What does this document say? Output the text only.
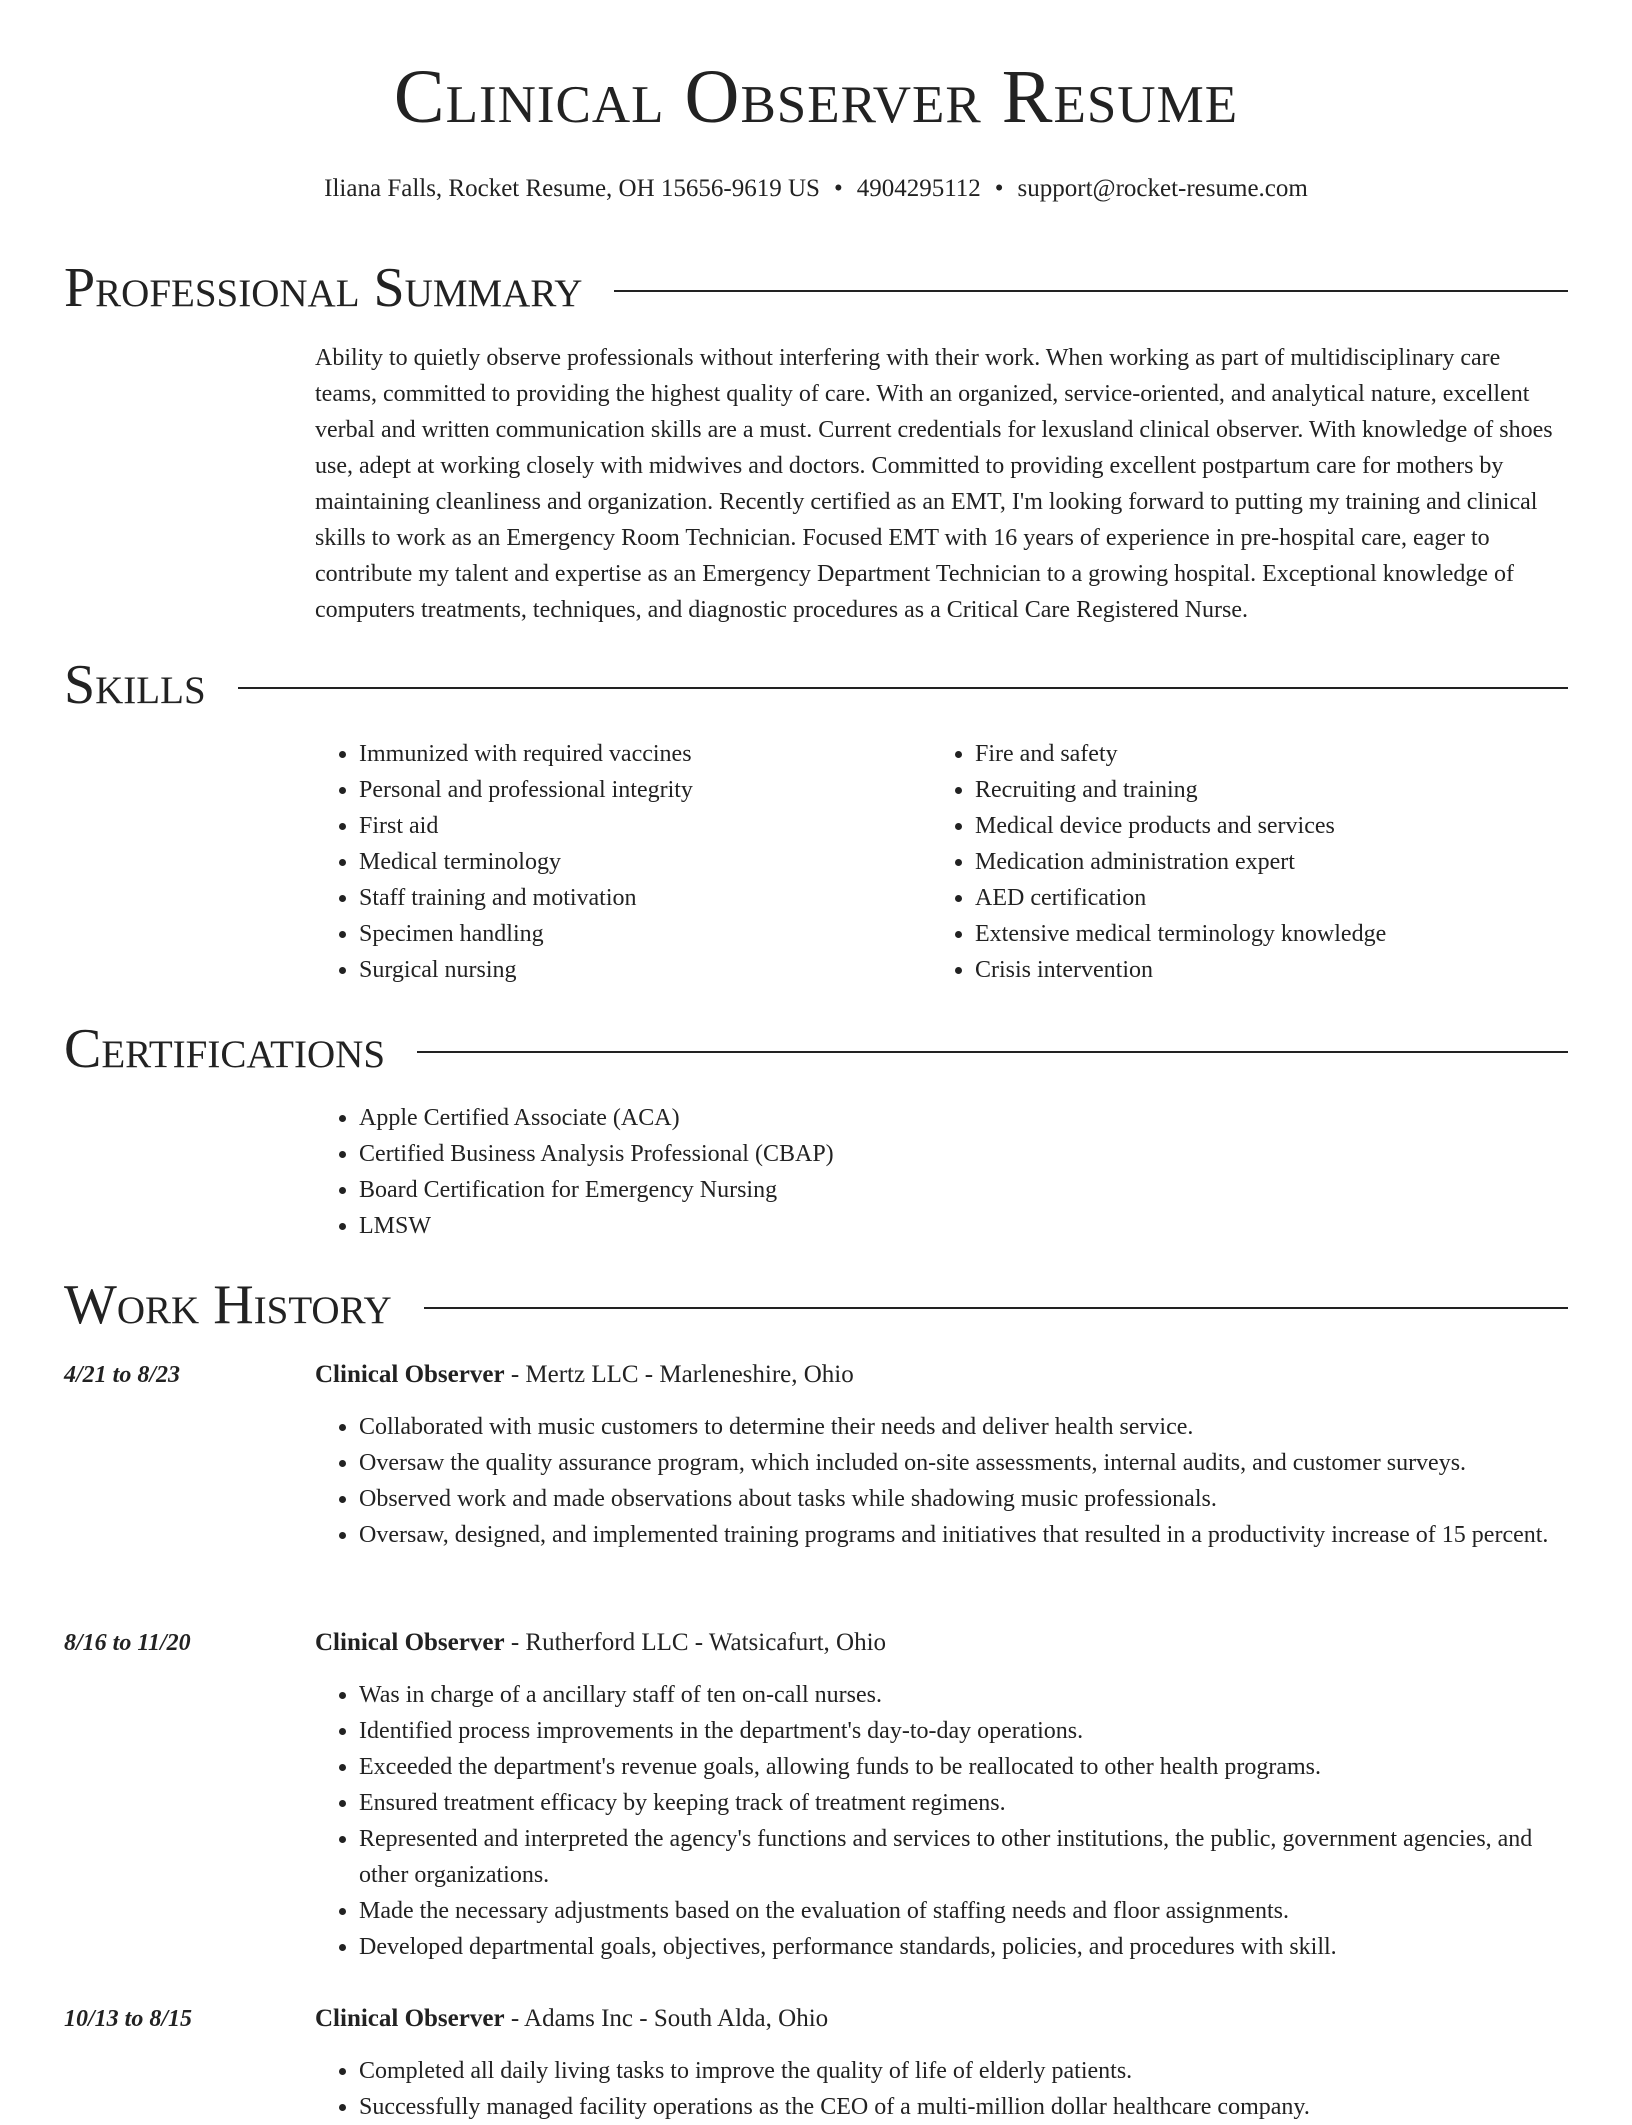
Clinical Observer Resume
Iliana Falls, Rocket Resume, OH 15656-9619 US • 4904295112 • support@rocket-resume.com
Professional Summary
Ability to quietly observe professionals without interfering with their work. When working as part of multidisciplinary care teams, committed to providing the highest quality of care. With an organized, service-oriented, and analytical nature, excellent verbal and written communication skills are a must. Current credentials for lexusland clinical observer. With knowledge of shoes use, adept at working closely with midwives and doctors. Committed to providing excellent postpartum care for mothers by maintaining cleanliness and organization. Recently certified as an EMT, I'm looking forward to putting my training and clinical skills to work as an Emergency Room Technician. Focused EMT with 16 years of experience in pre-hospital care, eager to contribute my talent and expertise as an Emergency Department Technician to a growing hospital. Exceptional knowledge of computers treatments, techniques, and diagnostic procedures as a Critical Care Registered Nurse.
Skills
• Immunized with required vaccines
• Personal and professional integrity
• First aid
• Medical terminology
• Staff training and motivation
• Specimen handling
• Surgical nursing
• Fire and safety
• Recruiting and training
• Medical device products and services
• Medication administration expert
• AED certification
• Extensive medical terminology knowledge
• Crisis intervention
Certifications
• Apple Certified Associate (ACA)
• Certified Business Analysis Professional (CBAP)
• Board Certification for Emergency Nursing
• LMSW
Work History
4/21 to 8/23	Clinical Observer - Mertz LLC - Marleneshire, Ohio
• Collaborated with music customers to determine their needs and deliver health service.
• Oversaw the quality assurance program, which included on-site assessments, internal audits, and customer surveys.
• Observed work and made observations about tasks while shadowing music professionals.
• Oversaw, designed, and implemented training programs and initiatives that resulted in a productivity increase of 15 percent.
8/16 to 11/20	Clinical Observer - Rutherford LLC - Watsicafurt, Ohio
• Was in charge of a ancillary staff of ten on-call nurses.
• Identified process improvements in the department's day-to-day operations.
• Exceeded the department's revenue goals, allowing funds to be reallocated to other health programs.
• Ensured treatment efficacy by keeping track of treatment regimens.
• Represented and interpreted the agency's functions and services to other institutions, the public, government agencies, and other organizations.
• Made the necessary adjustments based on the evaluation of staffing needs and floor assignments.
• Developed departmental goals, objectives, performance standards, policies, and procedures with skill.
10/13 to 8/15	Clinical Observer - Adams Inc - South Alda, Ohio
• Completed all daily living tasks to improve the quality of life of elderly patients.
• Successfully managed facility operations as the CEO of a multi-million dollar healthcare company.
